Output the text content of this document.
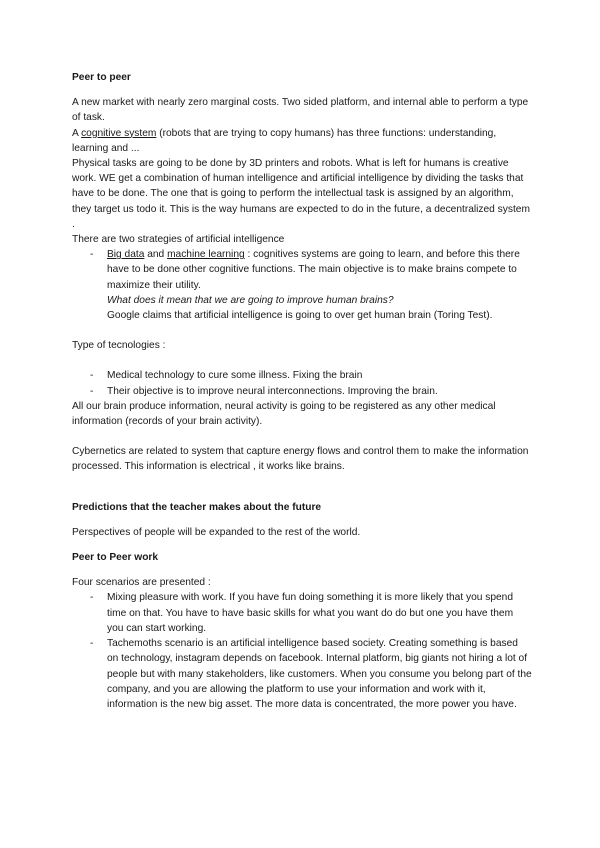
Peer to peer

A new market with nearly zero marginal costs. Two sided platform, and internal able to perform a type of task.

A cognitive system (robots that are trying to copy humans) has three functions: understanding, learning and ...

Physical tasks are going to be done by 3D printers and robots. What is left for humans is creative work. WE get a combination of human intelligence and artificial intelligence by dividing the tasks that have to be done. The one that is going to perform the intellectual task is assigned by an algorithm, they target us todo it. This is the way humans are expected to do in the future, a decentralized system .

There are two strategies of artificial intelligence

- Big data and machine learning : cognitives systems are going to learn, and before this there have to be done other cognitive functions. The main objective is to make brains compete to maximize their utility.
What does it mean that we are going to improve human brains?
Google claims that artificial intelligence is going to over get human brain (Toring Test).

Type of tecnologies :

- Medical technology to cure some illness. Fixing the brain
- Their objective is to improve neural interconnections. Improving the brain.

All our brain produce information, neural activity is going to be registered as any other medical information (records of your brain activity).

Cybernetics are related to system that capture energy flows and control them to make the information processed. This information is electrical , it works like brains.

Predictions that the teacher makes about the future

Perspectives of people will be expanded to the rest of the world.

Peer to Peer work

Four scenarios are presented :

- Mixing pleasure with work. If you have fun doing something it is more likely that you spend time on that. You have to have basic skills for what you want do do but one you have them you can start working.
- Tachemoths scenario is an artificial intelligence based society. Creating something is based on technology, instagram depends on facebook. Internal platform, big giants not hiring a lot of people but with many stakeholders, like customers. When you consume you belong part of the company, and you are allowing the platform to use your information and work with it, information is the new big asset. The more data is concentrated, the more power you have.
